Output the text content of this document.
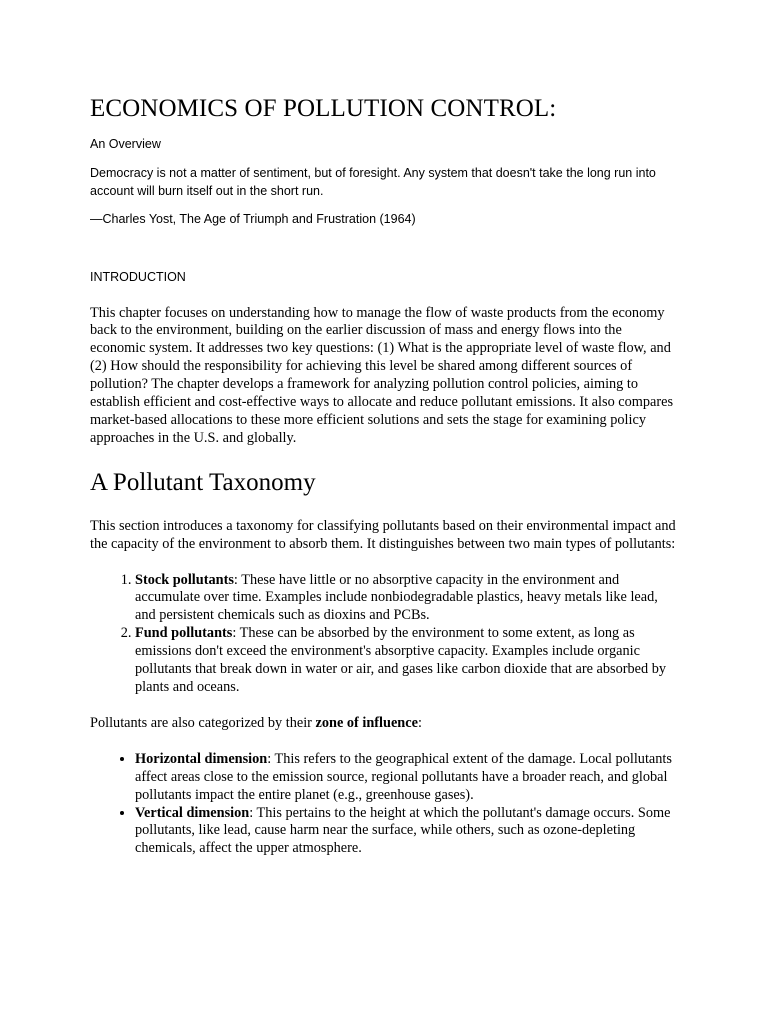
ECONOMICS OF POLLUTION CONTROL:

An Overview

Democracy is not a matter of sentiment, but of foresight. Any system that doesn't take the long run into account will burn itself out in the short run.

—Charles Yost, The Age of Triumph and Frustration (1964)

INTRODUCTION

This chapter focuses on understanding how to manage the flow of waste products from the economy back to the environment, building on the earlier discussion of mass and energy flows into the economic system. It addresses two key questions: (1) What is the appropriate level of waste flow, and (2) How should the responsibility for achieving this level be shared among different sources of pollution? The chapter develops a framework for analyzing pollution control policies, aiming to establish efficient and cost-effective ways to allocate and reduce pollutant emissions. It also compares market-based allocations to these more efficient solutions and sets the stage for examining policy approaches in the U.S. and globally.

A Pollutant Taxonomy

This section introduces a taxonomy for classifying pollutants based on their environmental impact and the capacity of the environment to absorb them. It distinguishes between two main types of pollutants:

1. Stock pollutants: These have little or no absorptive capacity in the environment and accumulate over time. Examples include nonbiodegradable plastics, heavy metals like lead, and persistent chemicals such as dioxins and PCBs.
2. Fund pollutants: These can be absorbed by the environment to some extent, as long as emissions don't exceed the environment's absorptive capacity. Examples include organic pollutants that break down in water or air, and gases like carbon dioxide that are absorbed by plants and oceans.

Pollutants are also categorized by their zone of influence:

• Horizontal dimension: This refers to the geographical extent of the damage. Local pollutants affect areas close to the emission source, regional pollutants have a broader reach, and global pollutants impact the entire planet (e.g., greenhouse gases).
• Vertical dimension: This pertains to the height at which the pollutant's damage occurs. Some pollutants, like lead, cause harm near the surface, while others, such as ozone-depleting chemicals, affect the upper atmosphere.
